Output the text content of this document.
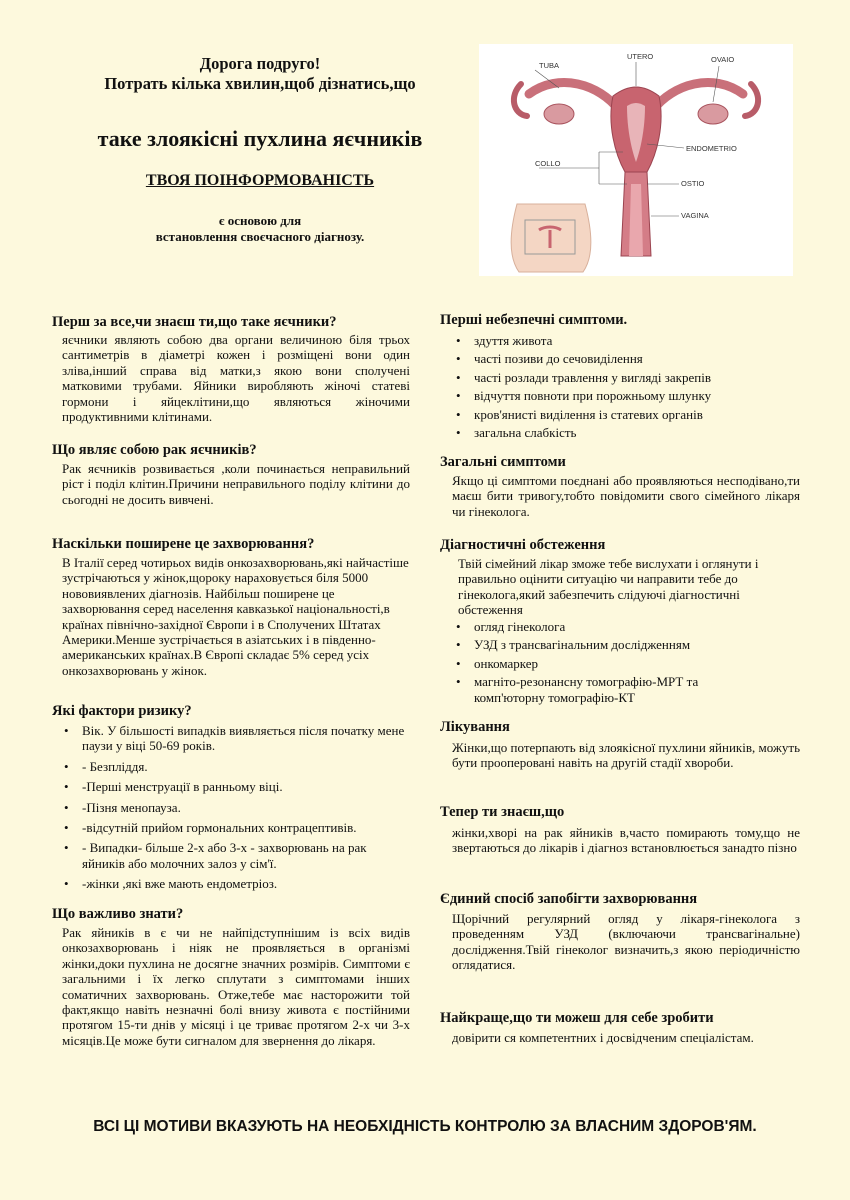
Дорога подруго!
Потрать кілька хвилин,щоб дізнатись,що
таке злоякісні пухлина яєчників
ТВОЯ ПОІНФОРМОВАНІСТЬ
є основою для
встановлення своєчасного діагнозу.
TUBA
UTERO	OVAIO
ENDOMETRIO
COLLO
OSTIO
VAGINA
Перш за все,чи знаєш ти,що таке яєчники?

яєчники являють собою два органи величиною біля трьох сантиметрів в діаметрі кожен і розміщені вони один зліва,інший справа від матки,з якою вони сполучені матковими трубами. Яйники виробляють жіночі статеві гормони і яйцеклітини,що являються жіночими продуктивними клітинами.

Що являє собою рак яєчників?

Рак яєчників розвивається ,коли починається неправильний ріст і поділ клітин.Причини неправильного поділу клітини до сьогодні не досить вивчені.

Наскільки поширене це захворювання?

В Італії серед чотирьох видів онкозахворювань,які найчастіше зустрічаються у жінок,щороку нараховується біля 5000 нововиявлених діагнозів. Найбільш поширене це захворювання серед населення кавказької національності,в країнах північно-західної Європи і в Сполучених Штатах Америки.Менше зустрічається в азіатських і в південно-американських країнах.В Європі складає 5% серед усіх онкозахворювань у жінок.

Які фактори ризику?
• Вік. У більшості випадків виявляється після початку мене паузи у віці 50-69 років.
• - Безпліддя.
• -Перші менструації в ранньому віці.
• -Пізня менопауза.
• -відсутній прийом гормональних контрацептивів.
• - Випадки- більше 2-х або 3-х - захворювань на рак яйників або молочних залоз у сім'ї.
• -жінки ,які вже мають ендометріоз.
Що важливо знати?

Рак яйників в є чи не найпідступнішим із всіх видів онкозахворювань і ніяк не проявляється в організмі жінки,доки пухлина не досягне значних розмірів. Симптоми є загальними і їх легко сплутати з симптомами інших соматичних захворювань. Отже,тебе має насторожити той факт,якщо навіть незначні болі внизу живота є постійними протягом 15-ти днів у місяці і це триває протягом 2-х чи 3-х місяців.Це може бути сигналом для звернення до лікаря.

Перші небезпечні симптоми.
• здуття живота
• часті позиви до сечовиділення
• часті розлади травлення у вигляді закрепів
• відчуття повноти при порожньому шлунку
• кров'янисті виділення із статевих органів
• загальна слабкість
Загальні симптоми

Якщо ці симптоми поєднані або проявляються несподівано,ти маєш бити тривогу,тобто повідомити свого сімейного лікаря чи гінеколога.

Діагностичні обстеження

Твій сімейний лікар зможе тебе вислухати і оглянути і правильно оцінити ситуацію чи направити тебе до гінеколога,який забезпечить слідуючі діагностичні обстеження

• огляд гінеколога
• УЗД з трансвагінальним дослідженням
• онкомаркер
• магніто-резонансну томографію-МРТ та комп'юторну томографію-КТ
Лікування

Жінки,що потерпають від злоякісної пухлини яйників, можуть бути прооперовані навіть на другій стадії хвороби.

Тепер ти знаєш,що

жінки,хворі на рак яйників в,часто помирають тому,що не звертаються до лікарів і діагноз встановлюється занадто пізно

Єдиний спосіб запобігти захворювання

Щорічний регулярний огляд у лікаря-гінеколога з проведенням УЗД (включаючи трансвагінальне) дослідження.Твій гінеколог визначить,з якою періодичністю оглядатися.

Найкраще,що ти можеш для себе зробити

довірити ся компетентних і досвідченим спеціалістам.

ВСІ ЦІ МОТИВИ ВКАЗУЮТЬ НА НЕОБХІДНІСТЬ КОНТРОЛЮ ЗА ВЛАСНИМ ЗДОРОВ'ЯМ.
